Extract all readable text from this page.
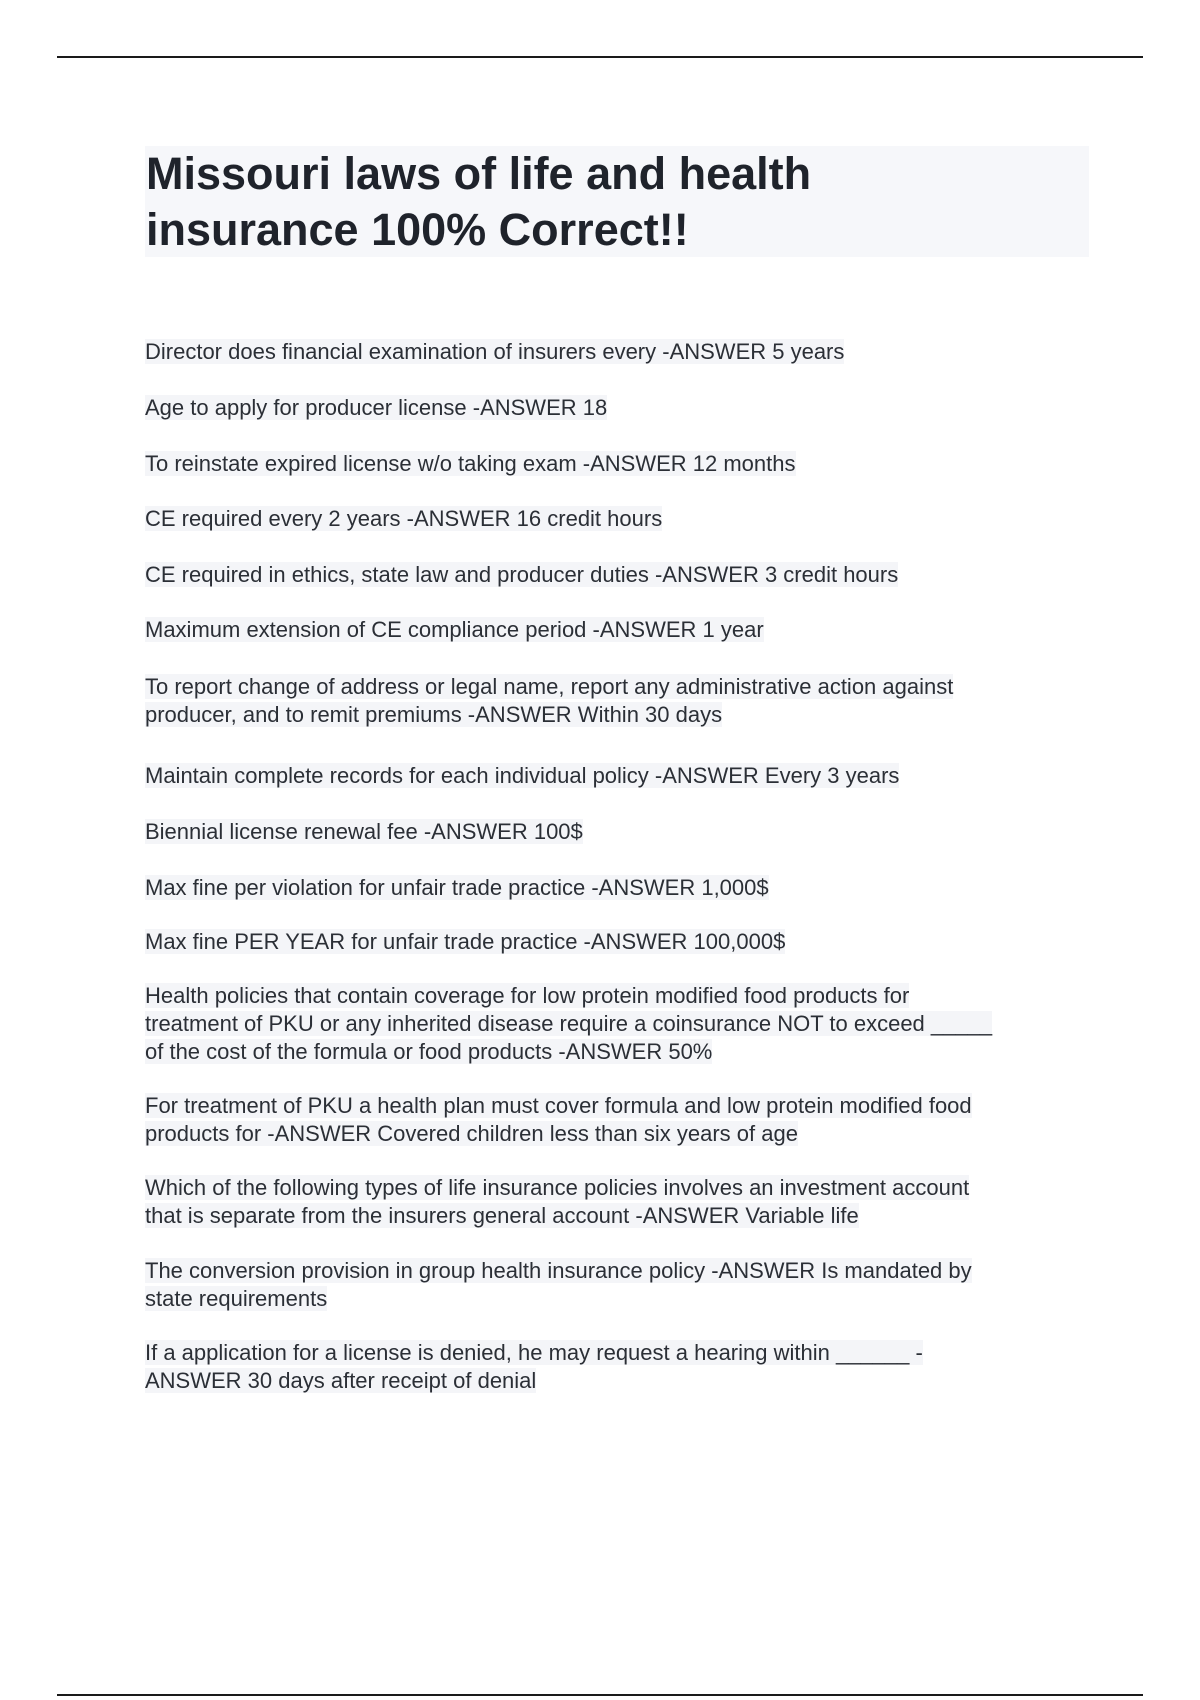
Missouri laws of life and health
insurance 100% Correct!!
Director does financial examination of insurers every -ANSWER 5 years
Age to apply for producer license -ANSWER 18
To reinstate expired license w/o taking exam -ANSWER 12 months
CE required every 2 years -ANSWER 16 credit hours
CE required in ethics, state law and producer duties -ANSWER 3 credit hours
Maximum extension of CE compliance period -ANSWER 1 year
To report change of address or legal name, report any administrative action against
producer, and to remit premiums -ANSWER Within 30 days
Maintain complete records for each individual policy -ANSWER Every 3 years
Biennial license renewal fee -ANSWER 100$
Max fine per violation for unfair trade practice -ANSWER 1,000$
Max fine PER YEAR for unfair trade practice -ANSWER 100,000$
Health policies that contain coverage for low protein modified food products for
treatment of PKU or any inherited disease require a coinsurance NOT to exceed _____
of the cost of the formula or food products -ANSWER 50%
For treatment of PKU a health plan must cover formula and low protein modified food
products for -ANSWER Covered children less than six years of age
Which of the following types of life insurance policies involves an investment account
that is separate from the insurers general account -ANSWER Variable life
The conversion provision in group health insurance policy -ANSWER Is mandated by
state requirements
If a application for a license is denied, he may request a hearing within ______ -
ANSWER 30 days after receipt of denial
